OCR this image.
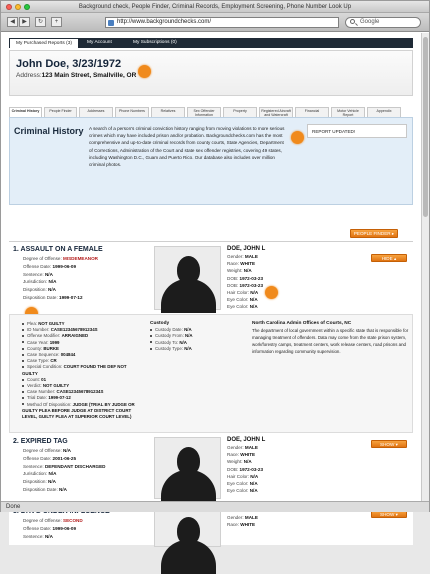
Background check, People Finder, Criminal Records, Employment Screening, Phone Number Look Up
◀	▶	↻	+	http://www.backgroundchecks.com/	Google
My Purchased Reports (3)	My Account	My Subscriptions (0)
John Doe, 3/23/1972
Address:123 Main Street, Smallville, OR
Criminal History	People Finder	Addresses	Phone Numbers	Relatives	Sex Offender Information
Property	Registered Aircraft and Watercraft
Financial	Motor Vehicle Report
Appendix
Criminal History A search of a person's criminal conviction history ranging from moving violations to more serious crimes which may have included prison and/or probation. Backgroundchecks.com has the most comprehensive and up-to-date criminal records from county courts, State Agencies, Department of Corrections, Administration of the Court and state sex offender registries, covering 49 states, including Washington D.C., Guam and Puerto Rico. Our database also includes over million criminal photos.
REPORT UPDATED!
PEOPLE FINDER ▸
1. ASSAULT ON A FEMALE
Degree of Offense: MISDEMEANOR
Offense Date: 1999-06-09
Sentence: N/A
Jurisdiction: N/A
Disposition: N/A
Disposition Date: 1999-07-12
DOE, JOHN L
Gender: MALE
Race: WHITE
Weight: N/A
DOB: 1972-03-23
DOB: 1972-03-23
Hair Color: N/A
Eye Color: N/A
Eye Color: N/A
HIDE ▴
Plea: NOT GUILTY
ID Number: CASE1234567891234S
Offense Modifier: ARRAIGNED
Case Year: 1999
County: BURKE
Case Sequence: 004844
Case Type: CR
Special Condition: COURT FOUND THE DEF NOT GUILTY
Count: 01
Verdict: NOT GUILTY
Case Number: CASE1234567891234S
Trial Date: 1999-07-12
Method Of Disposition: JUDGE (TRIAL BY JUDGE OR GUILTY PLEA BEFORE JUDGE AT DISTRICT COURT LEVEL, GUILTY PLEA AT SUPERIOR COURT LEVEL)
Custody
Custody Date: N/A
Custody From: N/A
Custody To: N/A
Custody Type: N/A
North Carolina Admin Offices of Courts, NC
The department of local government within a specific state that is responsible for managing treatment of offenders. Data may come from the state prison system, work/forestry camps, treatment centers, work release centers, road prisons and information regarding community supervision.
2. EXPIRED TAG
Degree of Offense: N/A
Offense Date: 2001-06-25
Sentence: DEFENDANT DISCHARGED
Jurisdiction: N/A
Disposition: N/A
Disposition Date: N/A
DOE, JOHN L
Gender: MALE
Race: WHITE
Weight: N/A
DOB: 1972-03-23
Hair Color: N/A
Eye Color: N/A
Eye Color: N/A
SHOW ▾
Degree of Offense: SECOND
Offense Date: 1999-06-09
Sentence: N/A
Gender: MALE
Race: WHITE
SHOW ▾
Done
